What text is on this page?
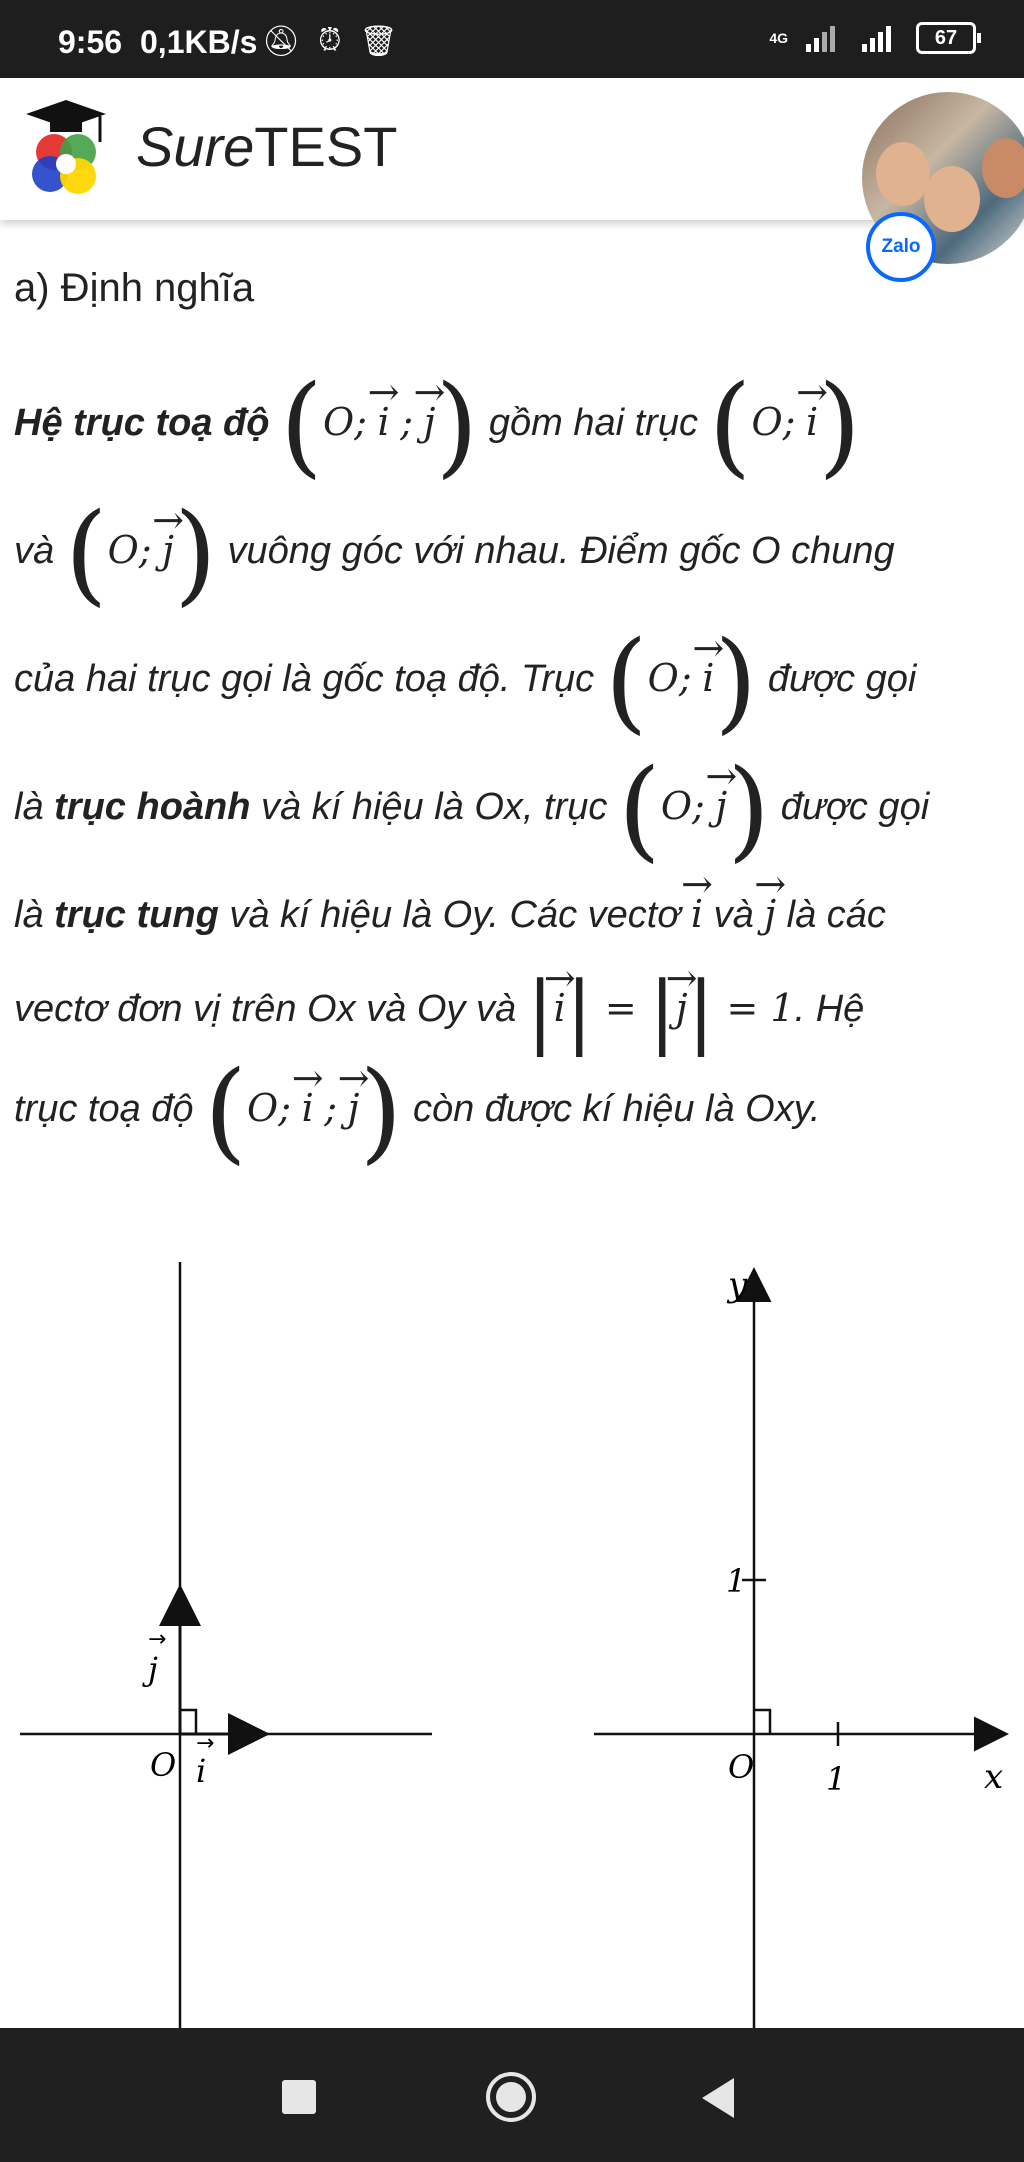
9:56 0,1KB/s 🔕︎ ⏰︎ 🗑︎	4G	67
SureTEST
Zalo
a) Định nghĩa
Hệ trục toạ độ (O; → i ; → j) gồm hai trục (O; → i)
và (O; → j) vuông góc với nhau. Điểm gốc O chung
của hai trục gọi là gốc toạ độ. Trục (O; → i) được gọi
là trục hoành và kí hiệu là Ox, trục (O; → j) được gọi
là trục tung và kí hiệu là Oy. Các vectơ → i và → j là các
vectơ đơn vị trên Ox và Oy và |→ i| = |→ j| = 1. Hệ
trục toạ độ (O; → i ; → j) còn được kí hiệu là Oxy.
O i
→
j
→
O 1
1
x
y
